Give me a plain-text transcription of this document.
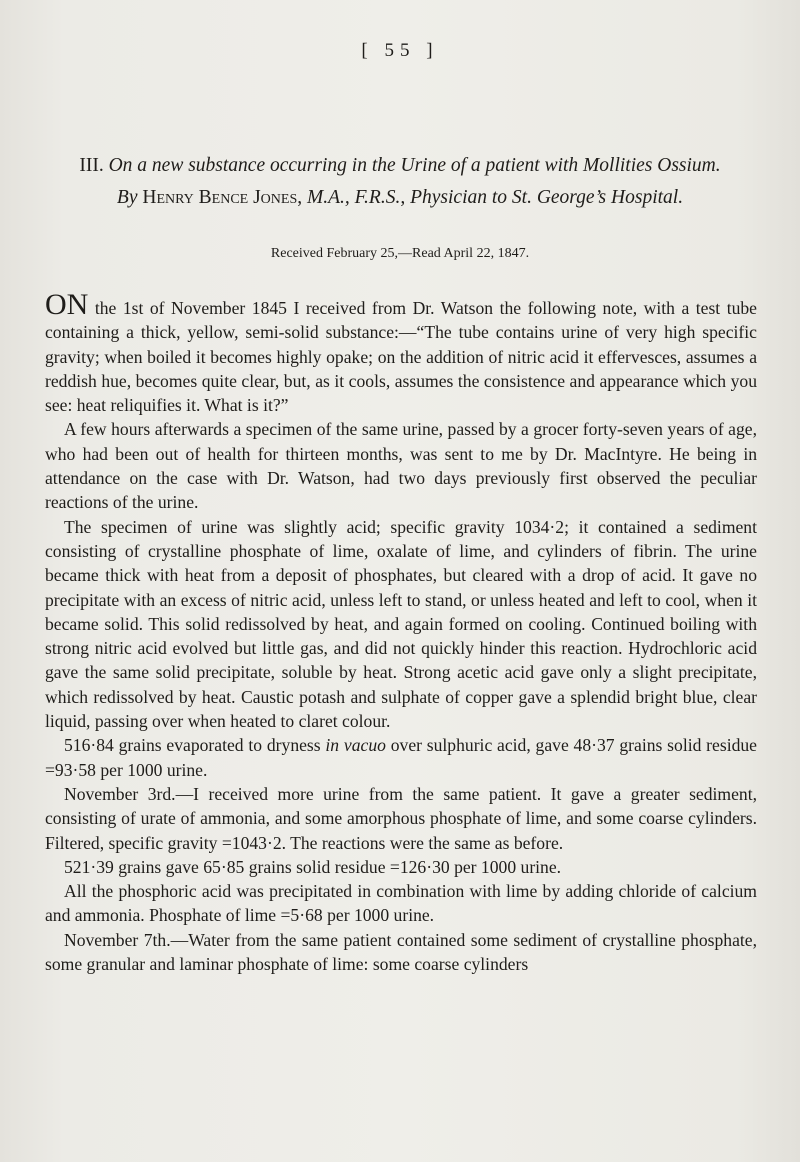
[ 55 ]
III. On a new substance occurring in the Urine of a patient with Mollities Ossium.
By Henry Bence Jones, M.A., F.R.S., Physician to St. George’s Hospital.
Received February 25,—Read April 22, 1847.

ON the 1st of November 1845 I received from Dr. Watson the following note, with a test tube containing a thick, yellow, semi-solid substance:—“The tube contains urine of very high specific gravity; when boiled it becomes highly opake; on the addition of nitric acid it effervesces, assumes a reddish hue, becomes quite clear, but, as it cools, assumes the consistence and appearance which you see: heat reliquifies it. What is it?”

A few hours afterwards a specimen of the same urine, passed by a grocer forty-seven years of age, who had been out of health for thirteen months, was sent to me by Dr. MacIntyre. He being in attendance on the case with Dr. Watson, had two days previously first observed the peculiar reactions of the urine.

The specimen of urine was slightly acid; specific gravity 1034·2; it contained a sediment consisting of crystalline phosphate of lime, oxalate of lime, and cylinders of fibrin. The urine became thick with heat from a deposit of phosphates, but cleared with a drop of acid. It gave no precipitate with an excess of nitric acid, unless left to stand, or unless heated and left to cool, when it became solid. This solid redissolved by heat, and again formed on cooling. Continued boiling with strong nitric acid evolved but little gas, and did not quickly hinder this reaction. Hydrochloric acid gave the same solid precipitate, soluble by heat. Strong acetic acid gave only a slight precipitate, which redissolved by heat. Caustic potash and sulphate of copper gave a splendid bright blue, clear liquid, passing over when heated to claret colour.

516·84 grains evaporated to dryness in vacuo over sulphuric acid, gave 48·37 grains solid residue =93·58 per 1000 urine.

November 3rd.—I received more urine from the same patient. It gave a greater sediment, consisting of urate of ammonia, and some amorphous phosphate of lime, and some coarse cylinders. Filtered, specific gravity =1043·2. The reactions were the same as before.

521·39 grains gave 65·85 grains solid residue =126·30 per 1000 urine.

All the phosphoric acid was precipitated in combination with lime by adding chloride of calcium and ammonia. Phosphate of lime =5·68 per 1000 urine.

November 7th.—Water from the same patient contained some sediment of crystalline phosphate, some granular and laminar phosphate of lime: some coarse cylinders
